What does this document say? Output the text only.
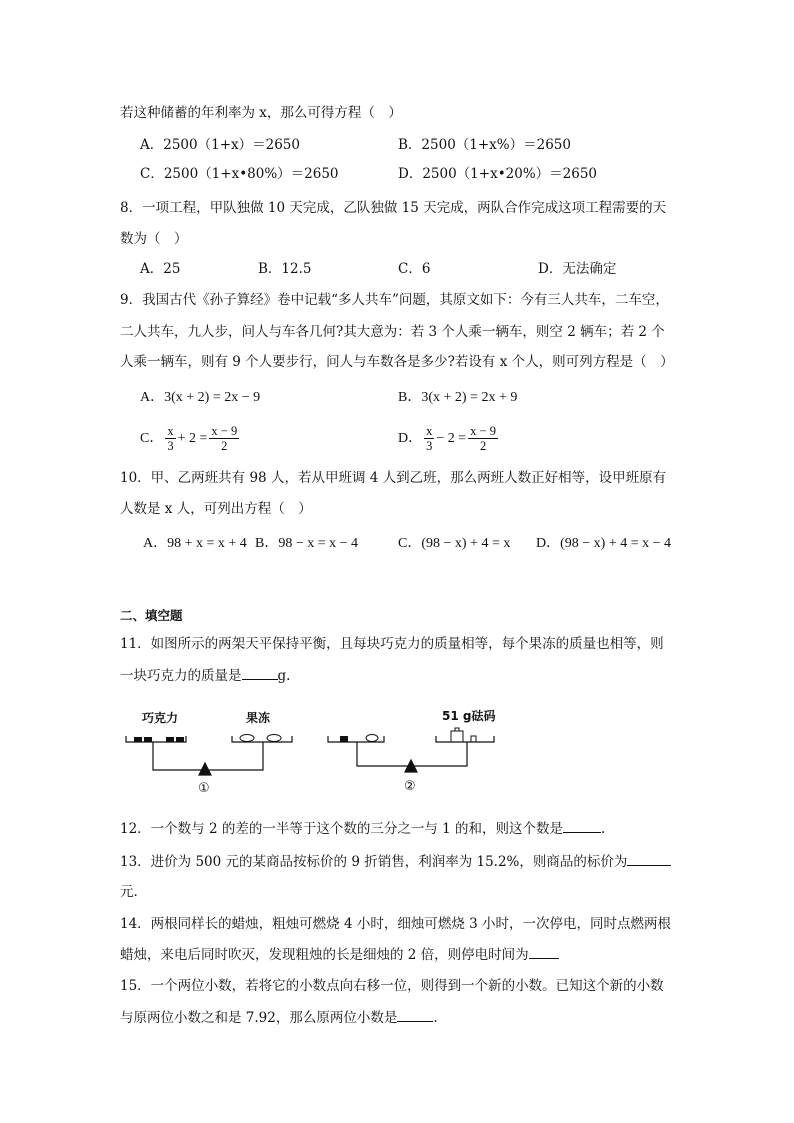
若这种储蓄的年利率为 x，那么可得方程（　）
A．2500（1+x）＝2650	B．2500（1+x%）＝2650
C．2500（1+x•80%）＝2650	D．2500（1+x•20%）＝2650
8．一项工程，甲队独做 10 天完成，乙队独做 15 天完成，两队合作完成这项工程需要的天
数为（　）
A．25	B．12.5	C．6	D．无法确定
9．我国古代《孙子算经》卷中记载“多人共车”问题，其原文如下：今有三人共车，二车空，
二人共车，九人步，问人与车各几何?其大意为：若 3 个人乘一辆车，则空 2 辆车；若 2 个
人乘一辆车，则有 9 个人要步行，问人与车数各是多少?若设有 x 个人，则可列方程是（　）
A．3(x + 2) = 2x − 9	B．3(x + 2) = 2x + 9
C． $\frac{x}{3} + 2 = \frac{x - 9}{2}$	D． $\frac{x}{3} - 2 = \frac{x - 9}{2}$
10．甲、乙两班共有 98 人，若从甲班调 4 人到乙班，那么两班人数正好相等，设甲班原有
人数是 x 人，可列出方程（　）
A．98 + x = x + 4 B．98 − x = x − 4	C．(98 − x) + 4 = x D．(98 − x) + 4 = x − 4
二、填空题
11．如图所示的两架天平保持平衡，且每块巧克力的质量相等，每个果冻的质量也相等，则
一块巧克力的质量是	g.
巧克力	果冻	51 g砝码
①	②
12．一个数与 2 的差的一半等于这个数的三分之一与 1 的和，则这个数是	.
13．进价为 500 元的某商品按标价的 9 折销售，利润率为 15.2%，则商品的标价为
元.
14．两根同样长的蜡烛，粗烛可燃烧 4 小时，细烛可燃烧 3 小时，一次停电，同时点燃两根
蜡烛，来电后同时吹灭，发现粗烛的长是细烛的 2 倍，则停电时间为
15．一个两位小数，若将它的小数点向右移一位，则得到一个新的小数。已知这个新的小数
与原两位小数之和是 7.92，那么原两位小数是	.
